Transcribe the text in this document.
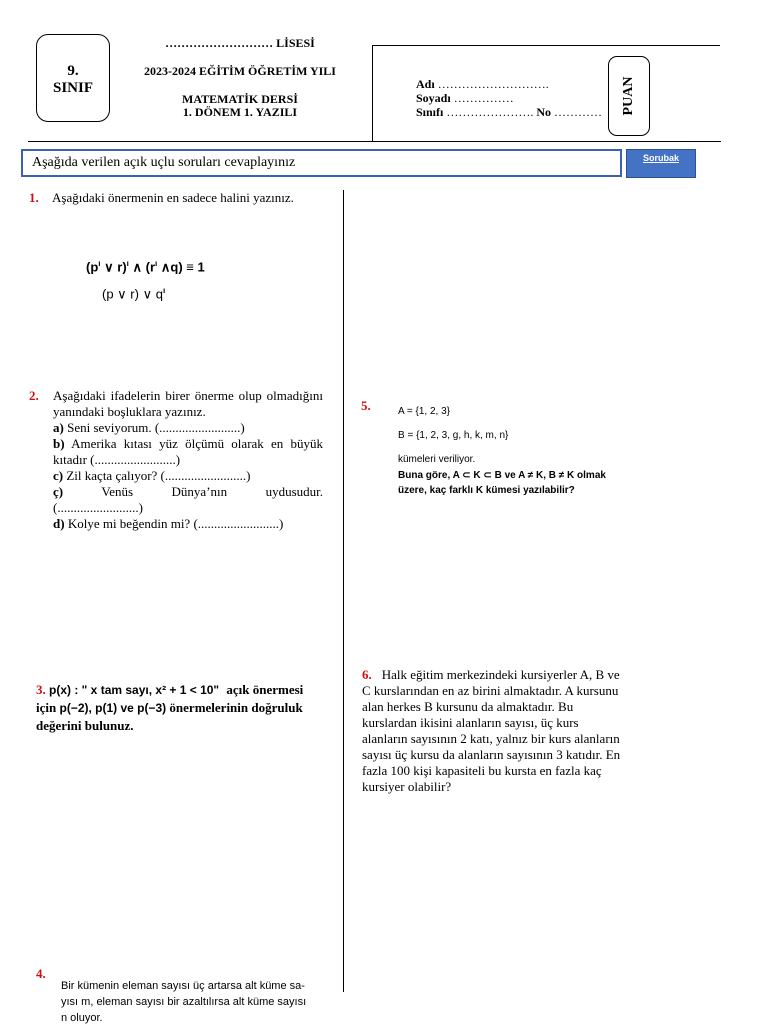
9.
SINIF
……………………… LİSESİ
2023-2024 EĞİTİM ÖĞRETİM YILI
MATEMATİK DERSİ
1. DÖNEM 1. YAZILI
Adı ……………………….
Soyadı ……………
Sınıfı …………………. No ………… PUAN
Aşağıda verilen açık uçlu soruları cevaplayınız	Sorubak
1. Aşağıdaki önermenin en sadece halini yazınız.
($p^ı$ ∨ r)$^ı$ ∧ ($r^ı$ ∧q) ≡ 1
(p ∨ r) ∨ $q^ı$
2.	Aşağıdaki ifadelerin birer önerme olup olmadığını yanındaki boşluklara yazınız.
a) Seni seviyorum. (.........................)
b) Amerika kıtası yüz ölçümü olarak en büyük kıtadır (.........................)
c) Zil kaçta çalıyor? (.........................)
ç)	Venüs Dünya’nın uydusudur. (.........................)
d) Kolye mi beğendin mi? (.........................)
3. p(x) : " x tam sayı, x² + 1 < 10" açık önermesi
için p(−2), p(1) ve p(−3) önermelerinin doğruluk
değerini bulunuz.
4.
Bir kümenin eleman sayısı üç artarsa alt küme sa-
yısı m, eleman sayısı bir azaltılırsa alt küme sayısı
n oluyor.
5.	A = {1, 2, 3}
B = {1, 2, 3, g, h, k, m, n}
kümeleri veriliyor.
Buna göre, A ⊂ K ⊂ B ve A ≠ K, B ≠ K olmak
üzere, kaç farklı K kümesi yazılabilir?
6. Halk eğitim merkezindeki kursiyerler A, B ve
C kurslarından en az birini almaktadır. A kursunu
alan herkes B kursunu da almaktadır. Bu
kurslardan ikisini alanların sayısı, üç kurs
alanların sayısının 2 katı, yalnız bir kurs alanların
sayısı üç kursu da alanların sayısının 3 katıdır. En
fazla 100 kişi kapasiteli bu kursta en fazla kaç
kursiyer olabilir?
